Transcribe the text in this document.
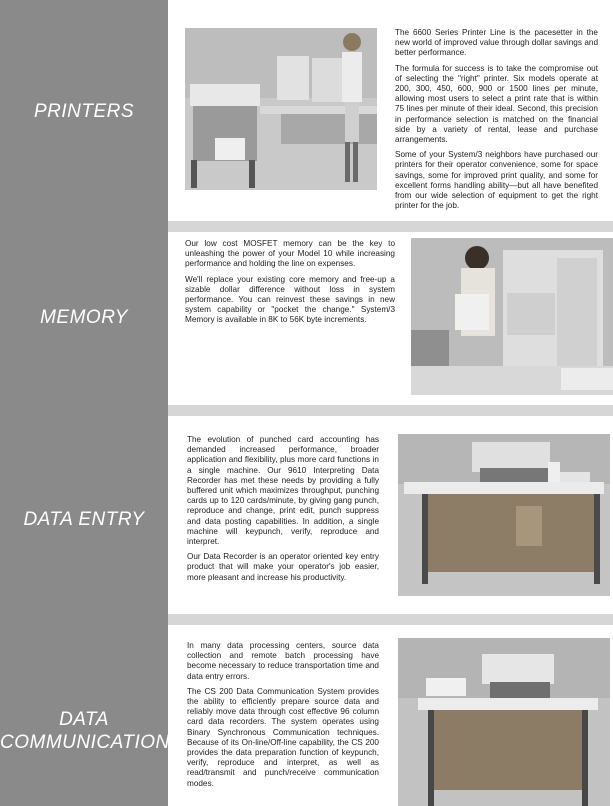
PRINTERS

The 6600 Series Printer Line is the pacesetter in the new world of improved value through dollar savings and better performance.

The formula for success is to take the compromise out of selecting the "right" printer. Six models operate at 200, 300, 450, 600, 900 or 1500 lines per minute, allowing most users to select a print rate that is within 75 lines per minute of their ideal. Second, this precision in performance selection is matched on the financial side by a variety of rental, lease and purchase arrangements.

Some of your System/3 neighbors have purchased our printers for their operator convenience, some for space savings, some for improved print quality, and some for excellent forms handling ability—but all have benefited from our wide selection of equipment to get the right printer for the job.

MEMORY

Our low cost MOSFET memory can be the key to unleashing the power of your Model 10 while increasing performance and holding the line on expenses.

We'll replace your existing core memory and free-up a sizable dollar difference without loss in system performance. You can reinvest these savings in new system capability or "pocket the change." System/3 Memory is available in 8K to 56K byte increments.

DATA ENTRY

The evolution of punched card accounting has demanded increased performance, broader application and flexibility, plus more card functions in a single machine. Our 9610 Interpreting Data Recorder has met these needs by providing a fully buffered unit which maximizes throughput, punching cards up to 120 cards/minute, by giving gang punch, reproduce and change, print edit, punch suppress and data posting capabilities. In addition, a single machine will keypunch, verify, reproduce and interpret.

Our Data Recorder is an operator oriented key entry product that will make your operator's job easier, more pleasant and increase his productivity.

DATA
COMMUNICATION

In many data processing centers, source data collection and remote batch processing have become necessary to reduce transportation time and data entry errors.

The CS 200 Data Communication System provides the ability to efficiently prepare source data and reliably move data through cost effective 96 column card data recorders. The system operates using Binary Synchronous Communication techniques. Because of its On-line/Off-line capability, the CS 200 provides the data preparation function of keypunch, verify, reproduce and interpret, as well as read/transmit and punch/receive communication modes.
